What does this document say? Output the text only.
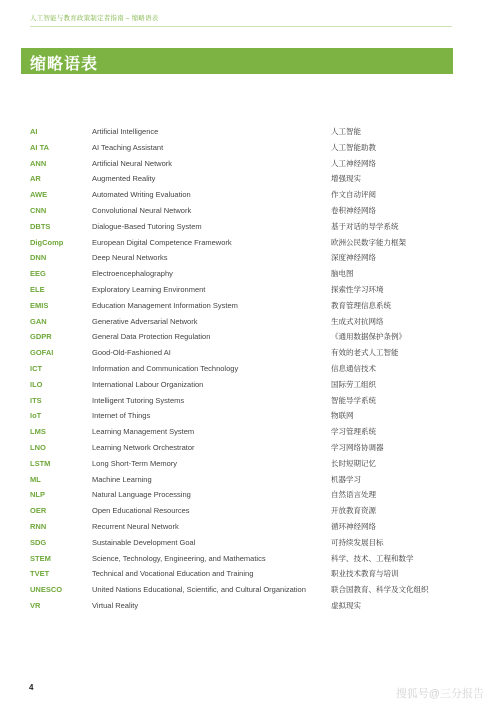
人工智能与教育政策制定者指南 – 缩略语表
缩略语表
AI	Artificial Intelligence	人工智能
AI TA	AI Teaching Assistant	人工智能助教
ANN	Artificial Neural Network	人工神经网络
AR	Augmented Reality	增强现实
AWE	Automated Writing Evaluation	作文自动评阅
CNN	Convolutional Neural Network	卷积神经网络
DBTS	Dialogue-Based Tutoring System	基于对话的导学系统
DigComp	European Digital Competence Framework	欧洲公民数字能力框架
DNN	Deep Neural Networks	深度神经网络
EEG	Electroencephalography	脑电图
ELE	Exploratory Learning Environment	探索性学习环境
EMIS	Education Management Information System	教育管理信息系统
GAN	Generative Adversarial Network	生成式对抗网络
GDPR	General Data Protection Regulation	《通用数据保护条例》
GOFAI	Good-Old-Fashioned AI	有效的老式人工智能
ICT	Information and Communication Technology	信息通信技术
ILO	International Labour Organization	国际劳工组织
ITS	Intelligent Tutoring Systems	智能导学系统
IoT	Internet of Things	物联网
LMS	Learning Management System	学习管理系统
LNO	Learning Network Orchestrator	学习网络协调器
LSTM	Long Short-Term Memory	长时短期记忆
ML	Machine Learning	机器学习
NLP	Natural Language Processing	自然语言处理
OER	Open Educational Resources	开放教育资源
RNN	Recurrent Neural Network	循环神经网络
SDG	Sustainable Development Goal	可持续发展目标
STEM	Science, Technology, Engineering, and Mathematics	科学、技术、工程和数学
TVET	Technical and Vocational Education and Training	职业技术教育与培训
UNESCO	United Nations Educational, Scientific, and Cultural Organization	联合国教育、科学及文化组织
VR	Virtual Reality	虚拟现实
4
搜狐号@三分报告
